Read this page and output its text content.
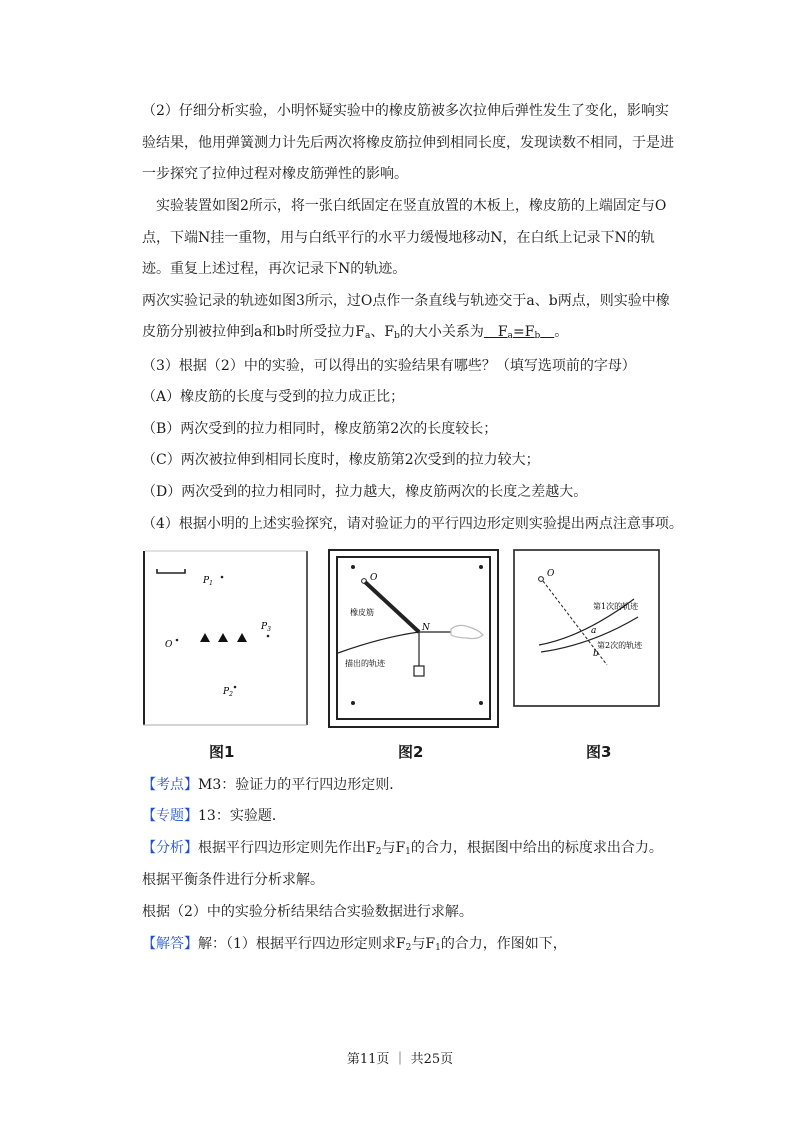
（2）仔细分析实验，小明怀疑实验中的橡皮筋被多次拉伸后弹性发生了变化，影响实验结果，他用弹簧测力计先后两次将橡皮筋拉伸到相同长度，发现读数不相同，于是进一步探究了拉伸过程对橡皮筋弹性的影响。

实验装置如图2所示，将一张白纸固定在竖直放置的木板上，橡皮筋的上端固定与O点，下端N挂一重物，用与白纸平行的水平力缓慢地移动N，在白纸上记录下N的轨迹。重复上述过程，再次记录下N的轨迹。

两次实验记录的轨迹如图3所示，过O点作一条直线与轨迹交于a、b两点，则实验中橡
皮筋分别被拉伸到a和b时所受拉力$F_a$、$F_b$的大小关系为  $F_a=F_b$  。
（3）根据（2）中的实验，可以得出的实验结果有哪些？（填写选项前的字母）
（A）橡皮筋的长度与受到的拉力成正比；
（B）两次受到的拉力相同时，橡皮筋第2次的长度较长；
（C）两次被拉伸到相同长度时，橡皮筋第2次受到的拉力较大；
（D）两次受到的拉力相同时，拉力越大，橡皮筋两次的长度之差越大。
（4）根据小明的上述实验探究，请对验证力的平行四边形定则实验提出两点注意事项。
$P_1$
O
$P_3$
$P_2$
O
橡皮筋
N
描出的轨迹
O
第1次的轨迹
第2次的轨迹
a
b
图1	图2	图3
【考点】M3：验证力的平行四边形定则．
【专题】13：实验题．
【分析】根据平行四边形定则先作出$F_2$与$F_1$的合力，根据图中给出的标度求出合力。
根据平衡条件进行分析求解。
根据（2）中的实验分析结果结合实验数据进行求解。
【解答】解：（1）根据平行四边形定则求$F_2$与$F_1$的合力，作图如下，
第11页 ｜ 共25页
